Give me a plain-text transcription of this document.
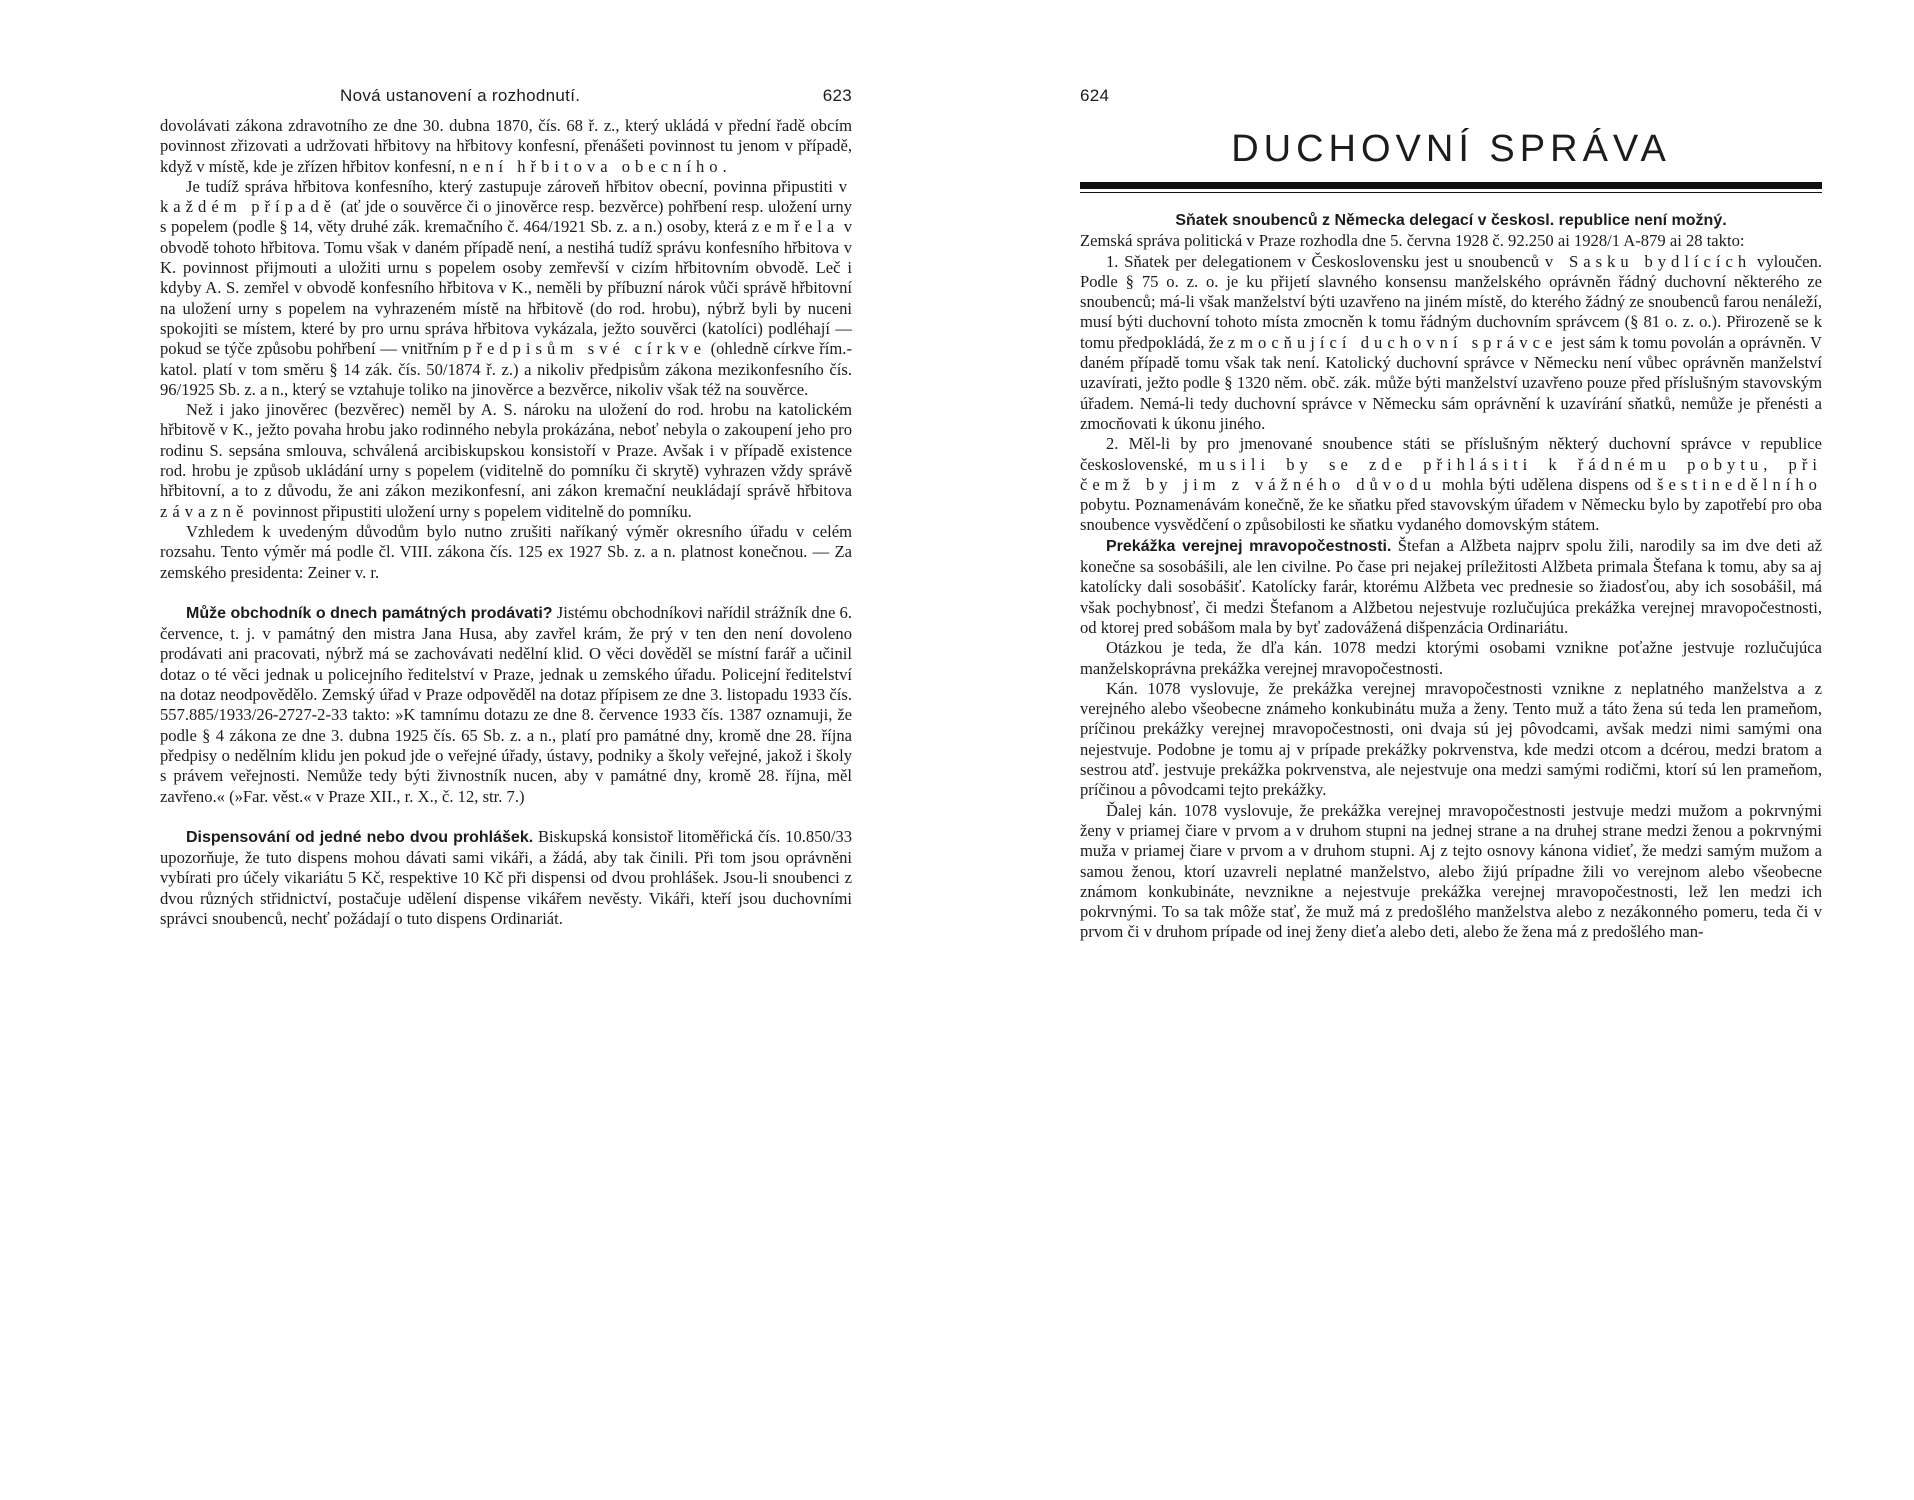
Nová ustanovení a rozhodnutí.	623

dovolávati zákona zdravotního ze dne 30. dubna 1870, čís. 68 ř. z., který ukládá v přední řadě obcím povinnost zřizovati a udržovati hřbitovy na hřbitovy konfesní, přenášeti povinnost tu jenom v případě, když v místě, kde je zřízen hřbitov konfesní, není hřbitova obecního.

Je tudíž správa hřbitova konfesního, který zastupuje zároveň hřbitov obecní, povinna připustiti v každém případě (ať jde o souvěrce či o jinověrce resp. bezvěrce) pohřbení resp. uložení urny s popelem (podle § 14, věty druhé zák. kremačního č. 464/1921 Sb. z. a n.) osoby, která zemřela v obvodě tohoto hřbitova. Tomu však v daném případě není, a nestihá tudíž správu konfesního hřbitova v K. povinnost přijmouti a uložiti urnu s popelem osoby zemřevší v cizím hřbitovním obvodě. Leč i kdyby A. S. zemřel v obvodě konfesního hřbitova v K., neměli by příbuzní nárok vůči správě hřbitovní na uložení urny s popelem na vyhrazeném místě na hřbitově (do rod. hrobu), nýbrž byli by nuceni spokojiti se místem, které by pro urnu správa hřbitova vykázala, ježto souvěrci (katolíci) podléhají — pokud se týče způsobu pohřbení — vnitřním předpisům své církve (ohledně církve řím.-katol. platí v tom směru § 14 zák. čís. 50/1874 ř. z.) a nikoliv předpisům zákona mezikonfesního čís. 96/1925 Sb. z. a n., který se vztahuje toliko na jinověrce a bezvěrce, nikoliv však též na souvěrce.

Než i jako jinověrec (bezvěrec) neměl by A. S. nároku na uložení do rod. hrobu na katolickém hřbitově v K., ježto povaha hrobu jako rodinného nebyla prokázána, neboť nebyla o zakoupení jeho pro rodinu S. sepsána smlouva, schválená arcibiskupskou konsistoří v Praze. Avšak i v případě existence rod. hrobu je způsob ukládání urny s popelem (viditelně do pomníku či skrytě) vyhrazen vždy správě hřbitovní, a to z důvodu, že ani zákon mezikonfesní, ani zákon kremační neukládají správě hřbitova závazně povinnost připustiti uložení urny s popelem viditelně do pomníku.

Vzhledem k uvedeným důvodům bylo nutno zrušiti naříkaný výměr okresního úřadu v celém rozsahu. Tento výměr má podle čl. VIII. zákona čís. 125 ex 1927 Sb. z. a n. platnost konečnou. — Za zemského presidenta: Zeiner v. r.

Může obchodník o dnech památných prodávati? Jistému obchodníkovi nařídil strážník dne 6. července, t. j. v památný den mistra Jana Husa, aby zavřel krám, že prý v ten den není dovoleno prodávati ani pracovati, nýbrž má se zachovávati nedělní klid. O věci dověděl se místní farář a učinil dotaz o té věci jednak u policejního ředitelství v Praze, jednak u zemského úřadu. Policejní ředitelství na dotaz neodpovědělo. Zemský úřad v Praze odpověděl na dotaz přípisem ze dne 3. listopadu 1933 čís. 557.885/1933/26-2727-2-33 takto: »K tamnímu dotazu ze dne 8. července 1933 čís. 1387 oznamuji, že podle § 4 zákona ze dne 3. dubna 1925 čís. 65 Sb. z. a n., platí pro památné dny, kromě dne 28. října předpisy o nedělním klidu jen pokud jde o veřejné úřady, ústavy, podniky a školy veřejné, jakož i školy s právem veřejnosti. Nemůže tedy býti živnostník nucen, aby v památné dny, kromě 28. října, měl zavřeno.« (»Far. věst.« v Praze XII., r. X., č. 12, str. 7.)

Dispensování od jedné nebo dvou prohlášek. Biskupská konsistoř litoměřická čís. 10.850/33 upozorňuje, že tuto dispens mohou dávati sami vikáři, a žádá, aby tak činili. Při tom jsou oprávněni vybírati pro účely vikariátu 5 Kč, respektive 10 Kč při dispensi od dvou prohlášek. Jsou-li snoubenci z dvou různých střidnictví, postačuje udělení dispense vikářem nevěsty. Vikáři, kteří jsou duchovními správci snoubenců, nechť požádají o tuto dispens Ordinariát.

624
DUCHOVNÍ SPRÁVA

Sňatek snoubenců z Německa delegací v českosl. republice není možný.

Zemská správa politická v Praze rozhodla dne 5. června 1928 č. 92.250 ai 1928/1 A-879 ai 28 takto:

1. Sňatek per delegationem v Československu jest u snoubenců v Sasku bydlících vyloučen. Podle § 75 o. z. o. je ku přijetí slavného konsensu manželského oprávněn řádný duchovní některého ze snoubenců; má-li však manželství býti uzavřeno na jiném místě, do kterého žádný ze snoubenců farou nenáleží, musí býti duchovní tohoto místa zmocněn k tomu řádným duchovním správcem (§ 81 o. z. o.). Přirozeně se k tomu předpokládá, že zmocňující duchovní správce jest sám k tomu povolán a oprávněn. V daném případě tomu však tak není. Katolický duchovní správce v Německu není vůbec oprávněn manželství uzavírati, ježto podle § 1320 něm. obč. zák. může býti manželství uzavřeno pouze před příslušným stavovským úřadem. Nemá-li tedy duchovní správce v Německu sám oprávnění k uzavírání sňatků, nemůže je přenésti a zmocňovati k úkonu jiného.

2. Měl-li by pro jmenované snoubence státi se příslušným některý duchovní správce v republice československé, musili by se zde přihlásiti k řádnému pobytu, při čemž by jim z vážného důvodu mohla býti udělena dispens od šestinedělního pobytu. Poznamenávám konečně, že ke sňatku před stavovským úřadem v Německu bylo by zapotřebí pro oba snoubence vysvědčení o způsobilosti ke sňatku vydaného domovským státem.

Prekážka verejnej mravopočestnosti. Štefan a Alžbeta najprv spolu žili, narodily sa im dve deti až konečne sa sosobášili, ale len civilne. Po čase pri nejakej príležitosti Alžbeta primala Štefana k tomu, aby sa aj katolícky dali sosobášiť. Katolícky farár, ktorému Alžbeta vec prednesie so žiadosťou, aby ich sosobášil, má však pochybnosť, či medzi Štefanom a Alžbetou nejestvuje rozlučujúca prekážka verejnej mravopočestnosti, od ktorej pred sobášom mala by byť zadovážená dišpenzácia Ordinariátu.

Otázkou je teda, že dľa kán. 1078 medzi ktorými osobami vzniknе poťažne jestvuje rozlučujúca manželskoprávna prekážka verejnej mravopočestnosti.

Kán. 1078 vyslovuje, že prekážka verejnej mravopočestnosti vzniknе z neplatného manželstva a z verejného alebo všeobecne známeho konkubinátu muža a ženy. Tento muž a táto žena sú teda len prameňom, príčinou prekážky verejnej mravopočestnosti, oni dvaja sú jej pôvodcami, avšak medzi nimi samými ona nejestvuje. Podobne je tomu aj v prípade prekážky pokrvenstva, kde medzi otcom a dcérou, medzi bratom a sestrou atď. jestvuje prekážka pokrvenstva, ale nejestvuje ona medzi samými rodičmi, ktorí sú len prameňom, príčinou a pôvodcami tejto prekážky.

Ďalej kán. 1078 vyslovuje, že prekážka verejnej mravopočestnosti jestvuje medzi mužom a pokrvnými ženy v priamej čiare v prvom a v druhom stupni na jednej strane a na druhej strane medzi ženou a pokrvnými muža v priamej čiare v prvom a v druhom stupni. Aj z tejto osnovy kánona vidieť, že medzi samým mužom a samou ženou, ktorí uzavreli neplatné manželstvo, alebo žijú prípadne žili vo verejnom alebo všeobecne známom konkubináte, nevzniknе a nejestvuje prekážka verejnej mravopočestnosti, lež len medzi ich pokrvnými. To sa tak môže stať, že muž má z predošlého manželstva alebo z nezákonného pomeru, teda či v prvom či v druhom prípade od inej ženy dieťa alebo deti, alebo že žena má z predošlého man-
